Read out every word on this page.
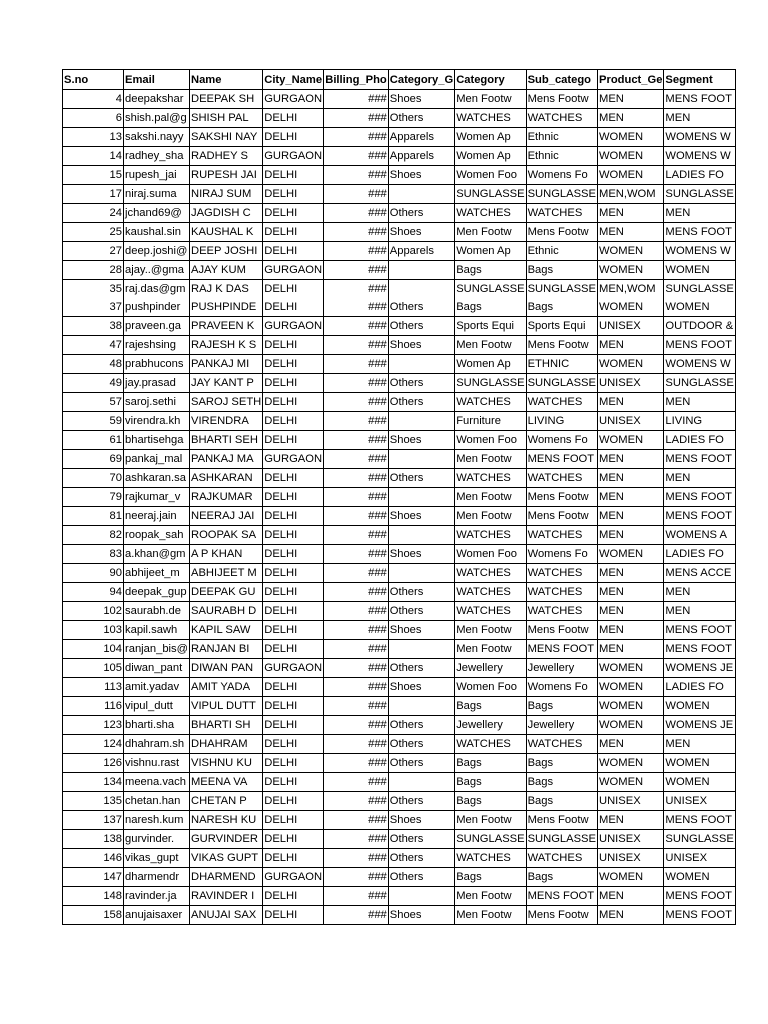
S.no	Email	Name	City_Name	Billing_Pho	Category_G	Category	Sub_catego	Product_Ge	Segment
4	deepakshar	DEEPAK SH	GURGAON	###	Shoes	Men Footw	Mens Footw	MEN	MENS FOOT
6	shish.pal@g	SHISH PAL	DELHI	###	Others	WATCHES	WATCHES	MEN	MEN
13	sakshi.nayy	SAKSHI NAY	DELHI	###	Apparels	Women Ap	Ethnic	WOMEN	WOMENS W
14	radhey_sha	RADHEY S	GURGAON	###	Apparels	Women Ap	Ethnic	WOMEN	WOMENS W
15	rupesh_jai	RUPESH JAI	DELHI	###	Shoes	Women Foo	Womens Fo	WOMEN	LADIES FO
17	niraj.suma	NIRAJ SUM	DELHI	###		SUNGLASSE	SUNGLASSE	MEN,WOM	SUNGLASSE
24	jchand69@	JAGDISH C	DELHI	###	Others	WATCHES	WATCHES	MEN	MEN
25	kaushal.sin	KAUSHAL K	DELHI	###	Shoes	Men Footw	Mens Footw	MEN	MENS FOOT
27	deep.joshi@	DEEP JOSHI	DELHI	###	Apparels	Women Ap	Ethnic	WOMEN	WOMENS W
28	ajay..@gma	AJAY KUM	GURGAON	###		Bags	Bags	WOMEN	WOMEN
35	raj.das@gm	RAJ K DAS	DELHI	###		SUNGLASSE	SUNGLASSE	MEN,WOM	SUNGLASSE
37	pushpinder	PUSHPINDE	DELHI	###	Others	Bags	Bags	WOMEN	WOMEN
38	praveen.ga	PRAVEEN K	GURGAON	###	Others	Sports Equi	Sports Equi	UNISEX	OUTDOOR &
47	rajeshsing	RAJESH K S	DELHI	###	Shoes	Men Footw	Mens Footw	MEN	MENS FOOT
48	prabhucons	PANKAJ MI	DELHI	###		Women Ap	ETHNIC	WOMEN	WOMENS W
49	jay.prasad	JAY KANT P	DELHI	###	Others	SUNGLASSE	SUNGLASSE	UNISEX	SUNGLASSE
57	saroj.sethi	SAROJ SETH	DELHI	###	Others	WATCHES	WATCHES	MEN	MEN
59	virendra.kh	VIRENDRA	DELHI	###		Furniture	LIVING	UNISEX	LIVING
61	bhartisehga	BHARTI SEH	DELHI	###	Shoes	Women Foo	Womens Fo	WOMEN	LADIES FO
69	pankaj_mal	PANKAJ MA	GURGAON	###		Men Footw	MENS FOOT	MEN	MENS FOOT
70	ashkaran.sa	ASHKARAN	DELHI	###	Others	WATCHES	WATCHES	MEN	MEN
79	rajkumar_v	RAJKUMAR	DELHI	###		Men Footw	Mens Footw	MEN	MENS FOOT
81	neeraj.jain	NEERAJ JAI	DELHI	###	Shoes	Men Footw	Mens Footw	MEN	MENS FOOT
82	roopak_sah	ROOPAK SA	DELHI	###		WATCHES	WATCHES	MEN	WOMENS A
83	a.khan@gm	A P KHAN	DELHI	###	Shoes	Women Foo	Womens Fo	WOMEN	LADIES FO
90	abhijeet_m	ABHIJEET M	DELHI	###		WATCHES	WATCHES	MEN	MENS ACCE
94	deepak_gup	DEEPAK GU	DELHI	###	Others	WATCHES	WATCHES	MEN	MEN
102	saurabh.de	SAURABH D	DELHI	###	Others	WATCHES	WATCHES	MEN	MEN
103	kapil.sawh	KAPIL SAW	DELHI	###	Shoes	Men Footw	Mens Footw	MEN	MENS FOOT
104	ranjan_bis@	RANJAN BI	DELHI	###		Men Footw	MENS FOOT	MEN	MENS FOOT
105	diwan_pant	DIWAN PAN	GURGAON	###	Others	Jewellery	Jewellery	WOMEN	WOMENS JE
113	amit.yadav	AMIT YADA	DELHI	###	Shoes	Women Foo	Womens Fo	WOMEN	LADIES FO
116	vipul_dutt	VIPUL DUTT	DELHI	###		Bags	Bags	WOMEN	WOMEN
123	bharti.sha	BHARTI SH	DELHI	###	Others	Jewellery	Jewellery	WOMEN	WOMENS JE
124	dhahram.sh	DHAHRAM	DELHI	###	Others	WATCHES	WATCHES	MEN	MEN
126	vishnu.rast	VISHNU KU	DELHI	###	Others	Bags	Bags	WOMEN	WOMEN
134	meena.vach	MEENA VA	DELHI	###		Bags	Bags	WOMEN	WOMEN
135	chetan.han	CHETAN P	DELHI	###	Others	Bags	Bags	UNISEX	UNISEX
137	naresh.kum	NARESH KU	DELHI	###	Shoes	Men Footw	Mens Footw	MEN	MENS FOOT
138	gurvinder.	GURVINDER	DELHI	###	Others	SUNGLASSE	SUNGLASSE	UNISEX	SUNGLASSE
146	vikas_gupt	VIKAS GUPT	DELHI	###	Others	WATCHES	WATCHES	UNISEX	UNISEX
147	dharmendr	DHARMEND	GURGAON	###	Others	Bags	Bags	WOMEN	WOMEN
148	ravinder.ja	RAVINDER I	DELHI	###		Men Footw	MENS FOOT	MEN	MENS FOOT
158	anujaisaxer	ANUJAI SAX	DELHI	###	Shoes	Men Footw	Mens Footw	MEN	MENS FOOT
